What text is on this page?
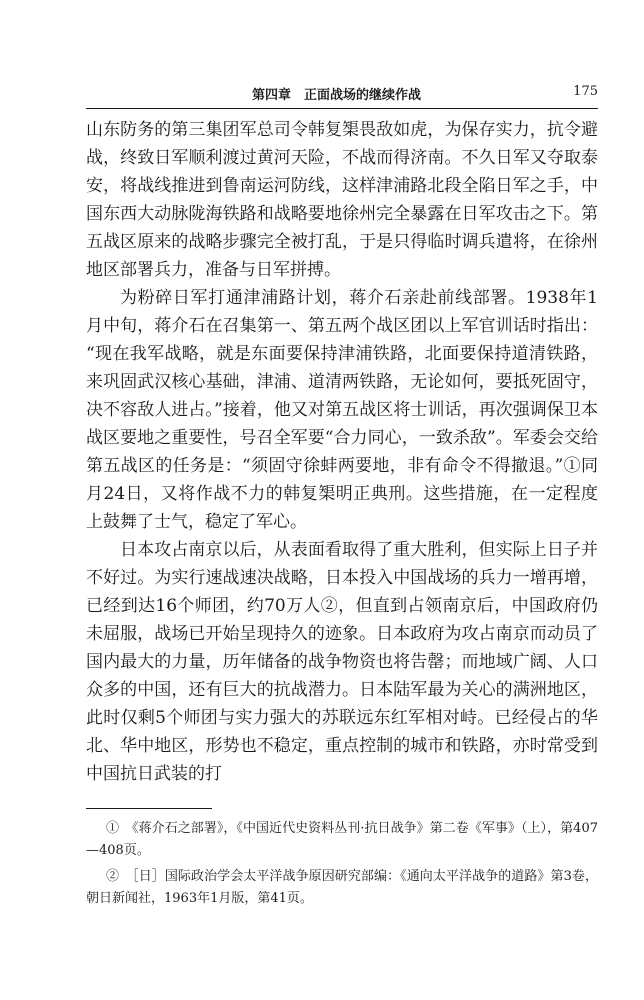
第四章　正面战场的继续作战	175

山东防务的第三集团军总司令韩复榘畏敌如虎，为保存实力，抗令避战，终致日军顺利渡过黄河天险，不战而得济南。不久日军又夺取泰安，将战线推进到鲁南运河防线，这样津浦路北段全陷日军之手，中国东西大动脉陇海铁路和战略要地徐州完全暴露在日军攻击之下。第五战区原来的战略步骤完全被打乱，于是只得临时调兵遣将，在徐州地区部署兵力，准备与日军拼搏。

为粉碎日军打通津浦路计划，蒋介石亲赴前线部署。1938年1月中旬，蒋介石在召集第一、第五两个战区团以上军官训话时指出：“现在我军战略，就是东面要保持津浦铁路，北面要保持道清铁路，来巩固武汉核心基础，津浦、道清两铁路，无论如何，要抵死固守，决不容敌人进占。”接着，他又对第五战区将士训话，再次强调保卫本战区要地之重要性，号召全军要“合力同心，一致杀敌”。军委会交给第五战区的任务是：“须固守徐蚌两要地，非有命令不得撤退。”①同月24日，又将作战不力的韩复榘明正典刑。这些措施，在一定程度上鼓舞了士气，稳定了军心。

日本攻占南京以后，从表面看取得了重大胜利，但实际上日子并不好过。为实行速战速决战略，日本投入中国战场的兵力一增再增，已经到达16个师团，约70万人②，但直到占领南京后，中国政府仍未屈服，战场已开始呈现持久的迹象。日本政府为攻占南京而动员了国内最大的力量，历年储备的战争物资也将告罄；而地域广阔、人口众多的中国，还有巨大的抗战潜力。日本陆军最为关心的满洲地区，此时仅剩5个师团与实力强大的苏联远东红军相对峙。已经侵占的华北、华中地区，形势也不稳定，重点控制的城市和铁路，亦时常受到中国抗日武装的打

①　《蒋介石之部署》，《中国近代史资料丛刊·抗日战争》第二卷《军事》（上），第407—408页。

②　［日］国际政治学会太平洋战争原因研究部编：《通向太平洋战争的道路》第3卷，朝日新闻社，1963年1月版，第41页。
